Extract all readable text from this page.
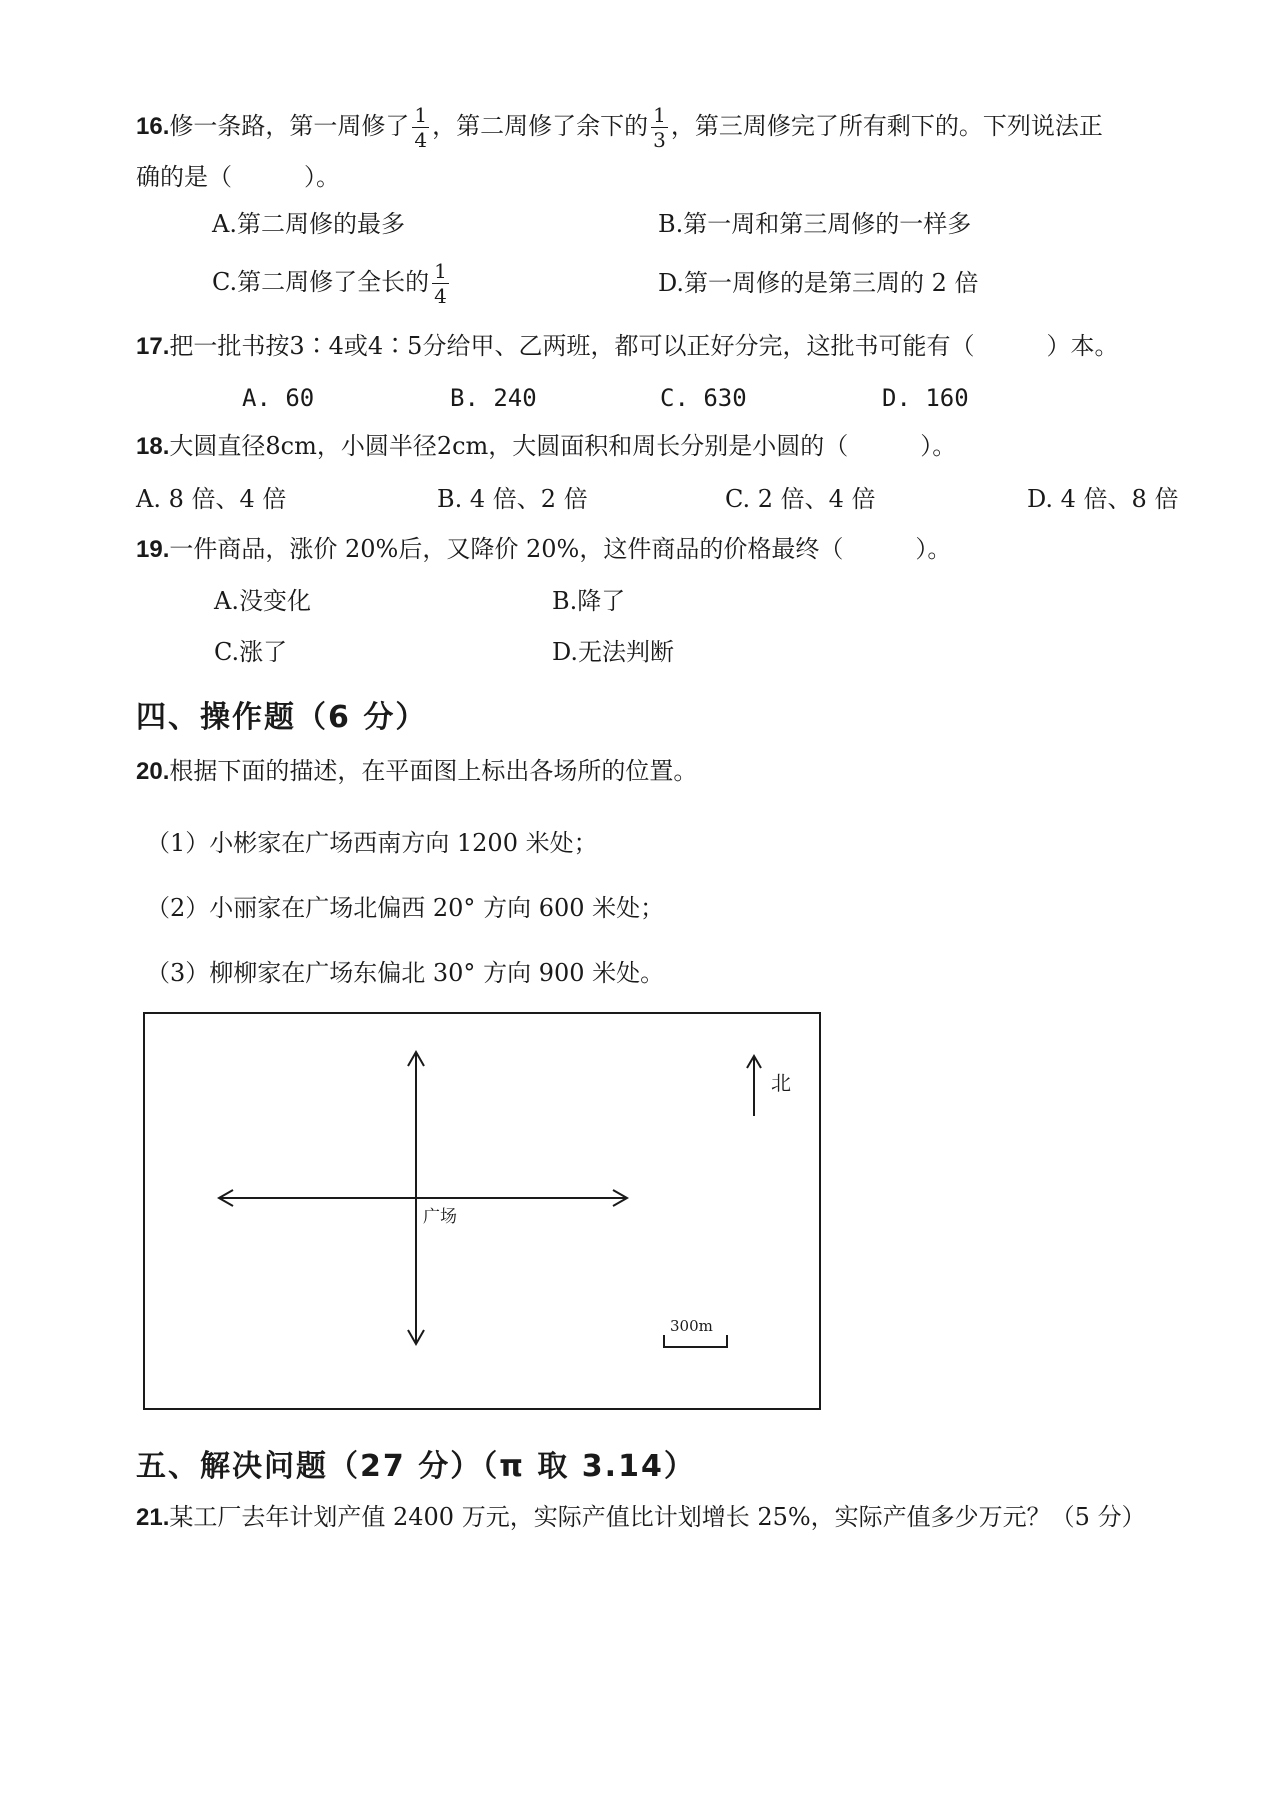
16.修一条路，第一周修了 $\frac{1}{4}$ ，第二周修了余下的 $\frac{1}{3}$ ，第三周修完了所有剩下的。下列说法正
确的是（　　　）。
A.第二周修的最多	B.第一周和第三周修的一样多
C.第二周修了全长的 $\frac{1}{4}$	D.第一周修的是第三周的 2 倍
17.把一批书按3∶4或4∶5分给甲、乙两班，都可以正好分完，这批书可能有（　　　）本。
A. 60	B. 240	C. 630	D. 160
18.大圆直径8cm，小圆半径2cm，大圆面积和周长分别是小圆的（　　　）。
A. 8 倍、4 倍	B. 4 倍、2 倍	C. 2 倍、4 倍	D. 4 倍、8 倍
19.一件商品，涨价 20%后，又降价 20%，这件商品的价格最终（　　　）。
A.没变化	B.降了
C.涨了	D.无法判断
四、操作题（6 分）
20.根据下面的描述，在平面图上标出各场所的位置。
（1）小彬家在广场西南方向 1200 米处；
（2）小丽家在广场北偏西 20° 方向 600 米处；
（3）柳柳家在广场东偏北 30° 方向 900 米处。
广场
北
300m
五、解决问题（27 分）（π 取 3.14）
21.某工厂去年计划产值 2400 万元，实际产值比计划增长 25%，实际产值多少万元？（5 分）
